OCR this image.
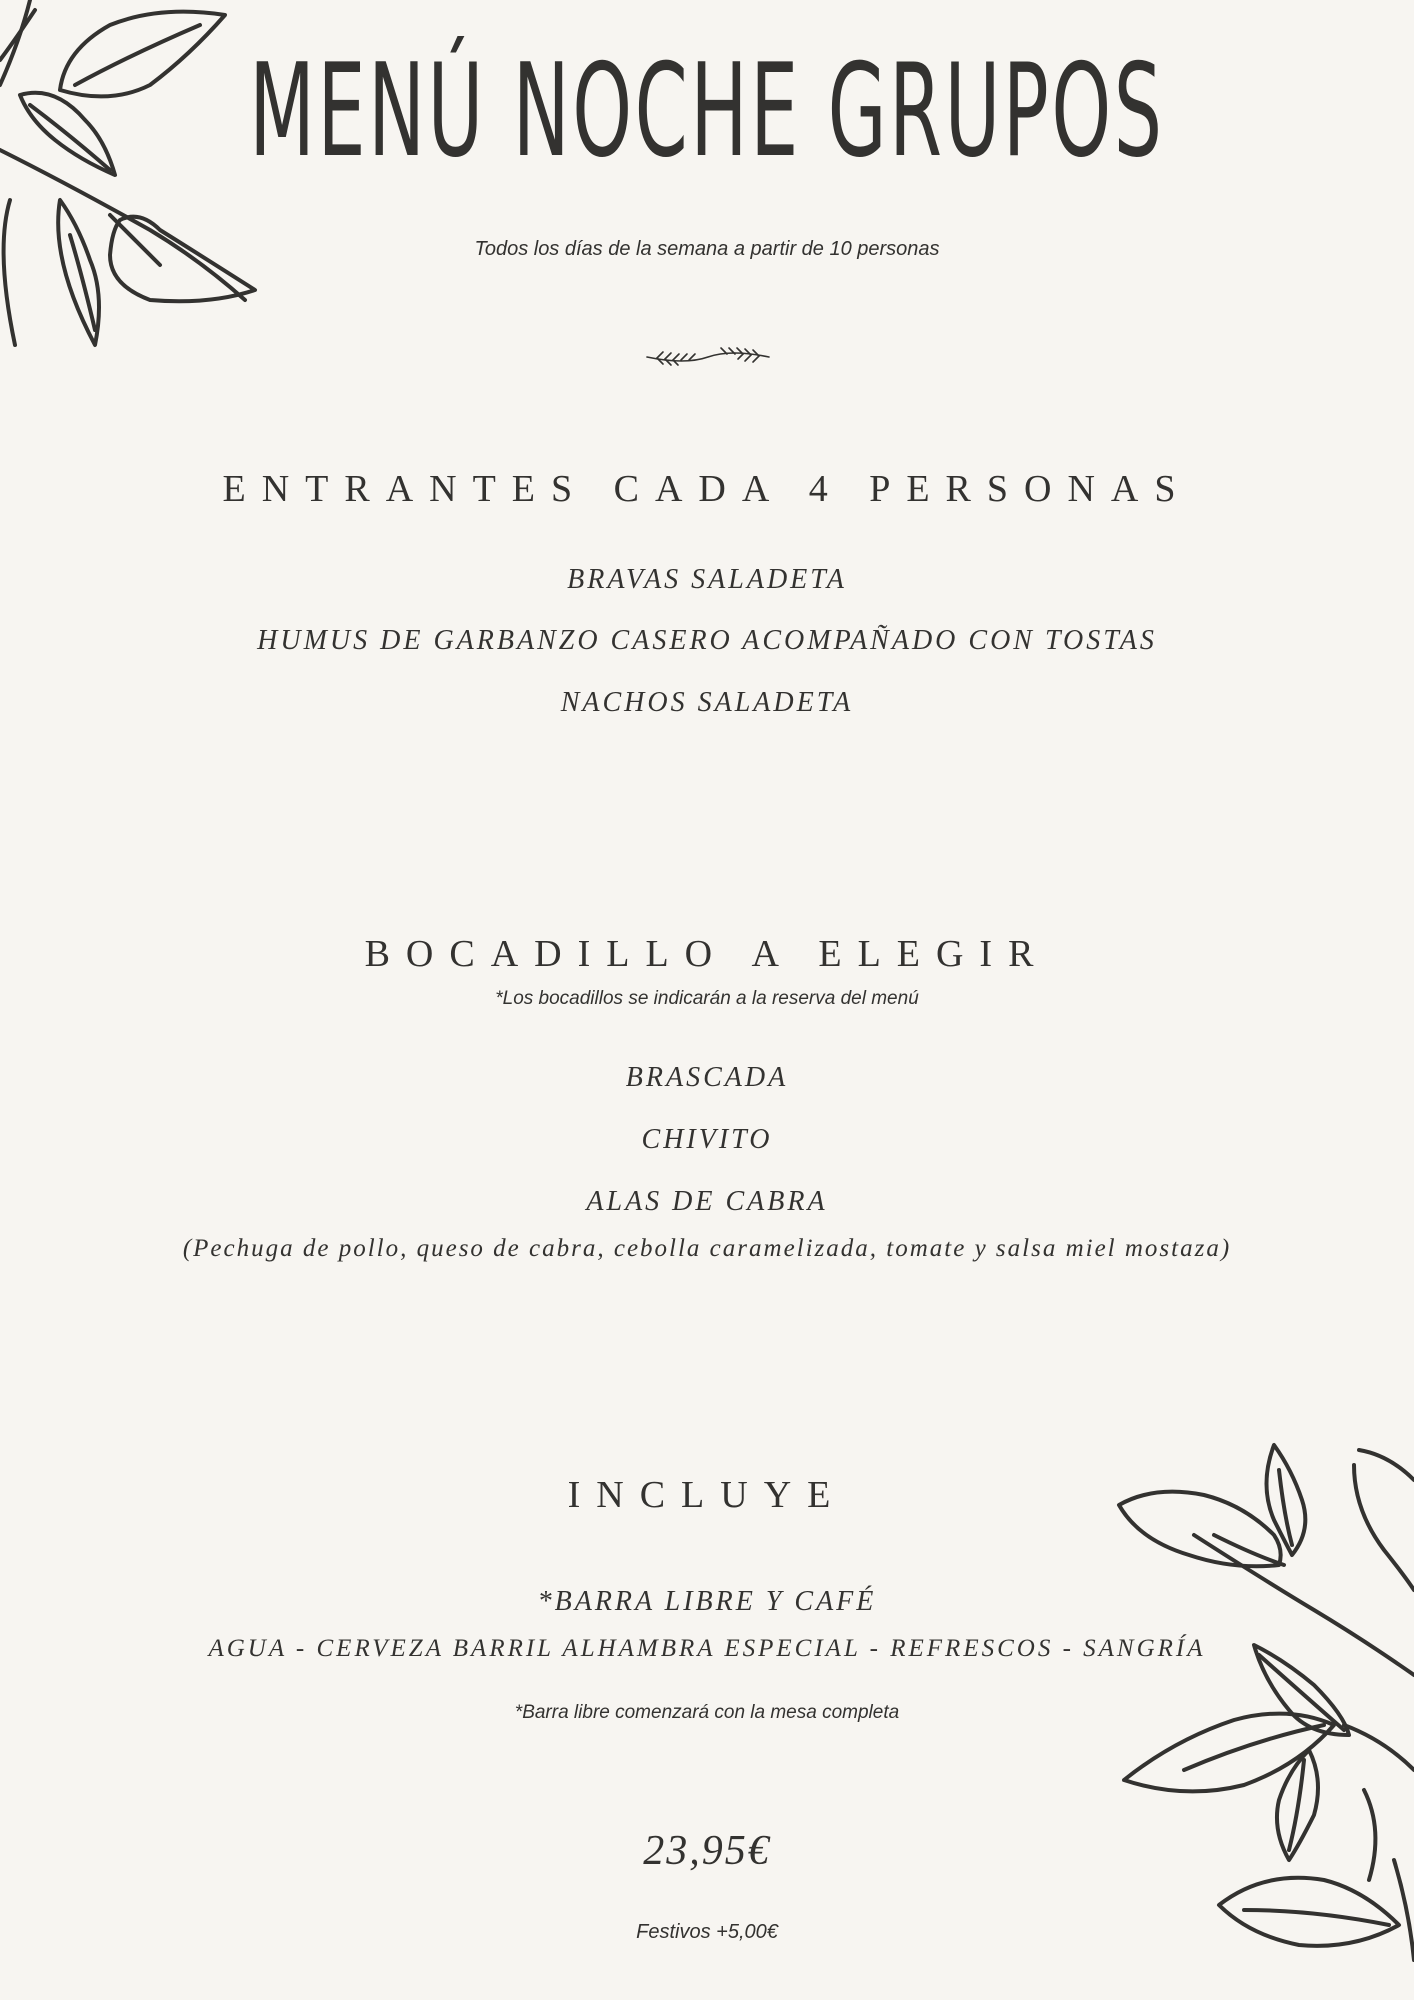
MENÚ NOCHE GRUPOS
Todos los días de la semana a partir de 10 personas
ENTRANTES CADA 4 PERSONAS
BRAVAS SALADETA
HUMUS DE GARBANZO CASERO ACOMPAÑADO CON TOSTAS
NACHOS SALADETA
BOCADILLO A ELEGIR
*Los bocadillos se indicarán a la reserva del menú
BRASCADA
CHIVITO
ALAS DE CABRA
(Pechuga de pollo, queso de cabra, cebolla caramelizada, tomate y salsa miel mostaza)
INCLUYE
*BARRA LIBRE Y CAFÉ
AGUA - CERVEZA BARRIL ALHAMBRA ESPECIAL - REFRESCOS - SANGRÍA
*Barra libre comenzará con la mesa completa
23,95€
Festivos +5,00€
